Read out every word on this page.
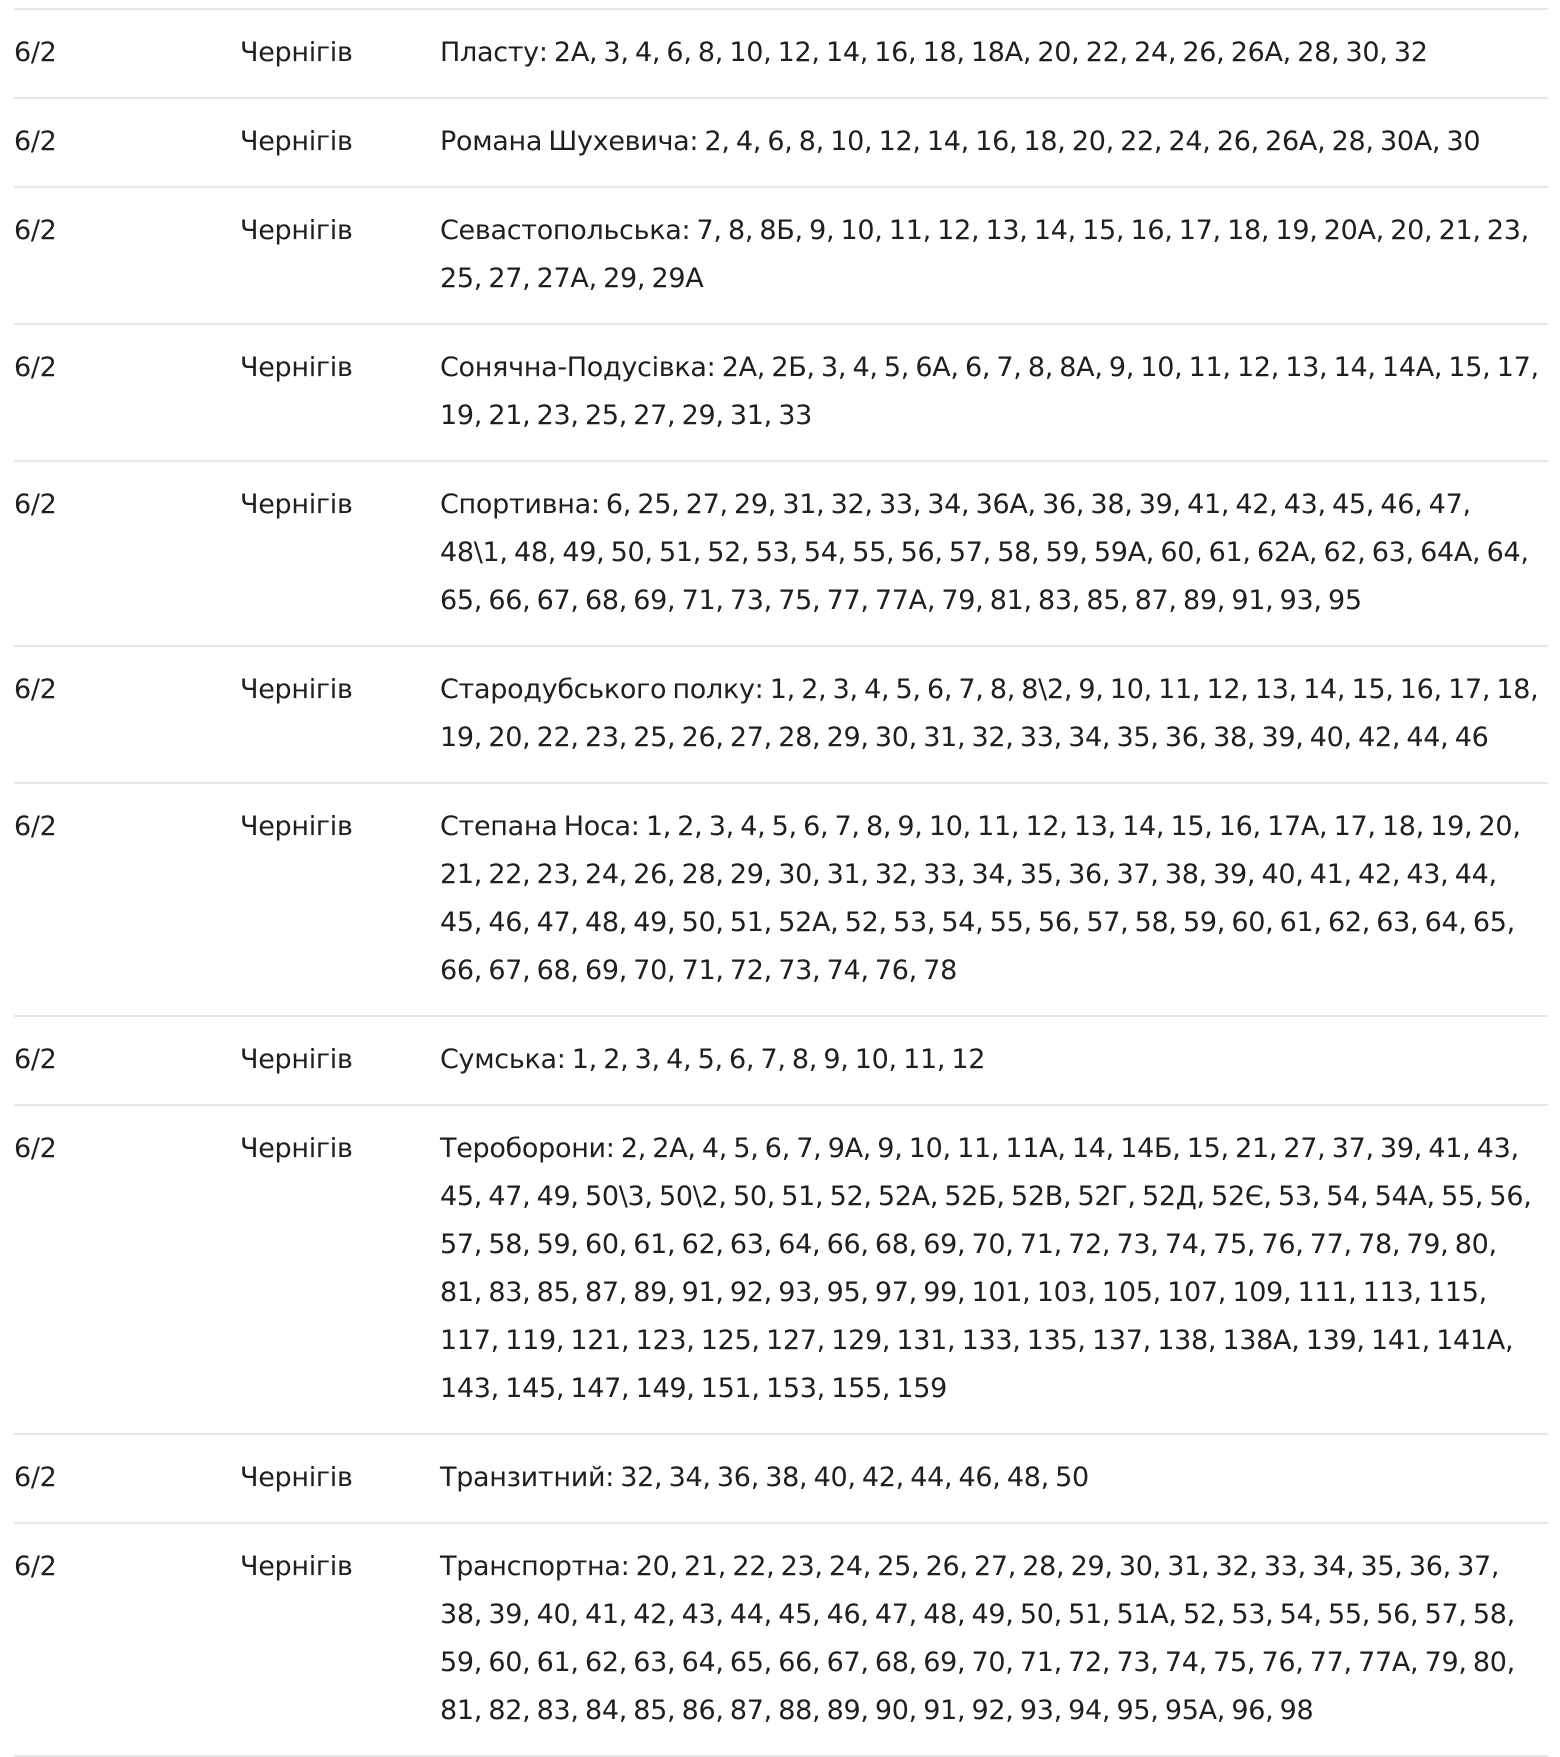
6/2	Чернігів	Пласту: 2А, 3, 4, 6, 8, 10, 12, 14, 16, 18, 18А, 20, 22, 24, 26, 26А, 28, 30, 32
6/2	Чернігів	Романа Шухевича: 2, 4, 6, 8, 10, 12, 14, 16, 18, 20, 22, 24, 26, 26А, 28, 30А, 30
6/2	Чернігів	Севастопольська: 7, 8, 8Б, 9, 10, 11, 12, 13, 14, 15, 16, 17, 18, 19, 20А, 20, 21, 23, 25, 27, 27А, 29, 29А
6/2	Чернігів	Сонячна-Подусівка: 2А, 2Б, 3, 4, 5, 6А, 6, 7, 8, 8А, 9, 10, 11, 12, 13, 14, 14А, 15, 17, 19, 21, 23, 25, 27, 29, 31, 33
6/2	Чернігів	Спортивна: 6, 25, 27, 29, 31, 32, 33, 34, 36А, 36, 38, 39, 41, 42, 43, 45, 46, 47, 48\1, 48, 49, 50, 51, 52, 53, 54, 55, 56, 57, 58, 59, 59А, 60, 61, 62А, 62, 63, 64А, 64, 65, 66, 67, 68, 69, 71, 73, 75, 77, 77А, 79, 81, 83, 85, 87, 89, 91, 93, 95
6/2	Чернігів	Стародубського полку: 1, 2, 3, 4, 5, 6, 7, 8, 8\2, 9, 10, 11, 12, 13, 14, 15, 16, 17, 18, 19, 20, 22, 23, 25, 26, 27, 28, 29, 30, 31, 32, 33, 34, 35, 36, 38, 39, 40, 42, 44, 46
6/2	Чернігів	Степана Носа: 1, 2, 3, 4, 5, 6, 7, 8, 9, 10, 11, 12, 13, 14, 15, 16, 17А, 17, 18, 19, 20, 21, 22, 23, 24, 26, 28, 29, 30, 31, 32, 33, 34, 35, 36, 37, 38, 39, 40, 41, 42, 43, 44, 45, 46, 47, 48, 49, 50, 51, 52А, 52, 53, 54, 55, 56, 57, 58, 59, 60, 61, 62, 63, 64, 65, 66, 67, 68, 69, 70, 71, 72, 73, 74, 76, 78
6/2	Чернігів	Сумська: 1, 2, 3, 4, 5, 6, 7, 8, 9, 10, 11, 12
6/2	Чернігів	Тероборони: 2, 2А, 4, 5, 6, 7, 9А, 9, 10, 11, 11А, 14, 14Б, 15, 21, 27, 37, 39, 41, 43, 45, 47, 49, 50\3, 50\2, 50, 51, 52, 52А, 52Б, 52В, 52Г, 52Д, 52Є, 53, 54, 54А, 55, 56, 57, 58, 59, 60, 61, 62, 63, 64, 66, 68, 69, 70, 71, 72, 73, 74, 75, 76, 77, 78, 79, 80, 81, 83, 85, 87, 89, 91, 92, 93, 95, 97, 99, 101, 103, 105, 107, 109, 111, 113, 115, 117, 119, 121, 123, 125, 127, 129, 131, 133, 135, 137, 138, 138А, 139, 141, 141А, 143, 145, 147, 149, 151, 153, 155, 159
6/2	Чернігів	Транзитний: 32, 34, 36, 38, 40, 42, 44, 46, 48, 50
6/2	Чернігів	Транспортна: 20, 21, 22, 23, 24, 25, 26, 27, 28, 29, 30, 31, 32, 33, 34, 35, 36, 37, 38, 39, 40, 41, 42, 43, 44, 45, 46, 47, 48, 49, 50, 51, 51А, 52, 53, 54, 55, 56, 57, 58, 59, 60, 61, 62, 63, 64, 65, 66, 67, 68, 69, 70, 71, 72, 73, 74, 75, 76, 77, 77А, 79, 80, 81, 82, 83, 84, 85, 86, 87, 88, 89, 90, 91, 92, 93, 94, 95, 95А, 96, 98
